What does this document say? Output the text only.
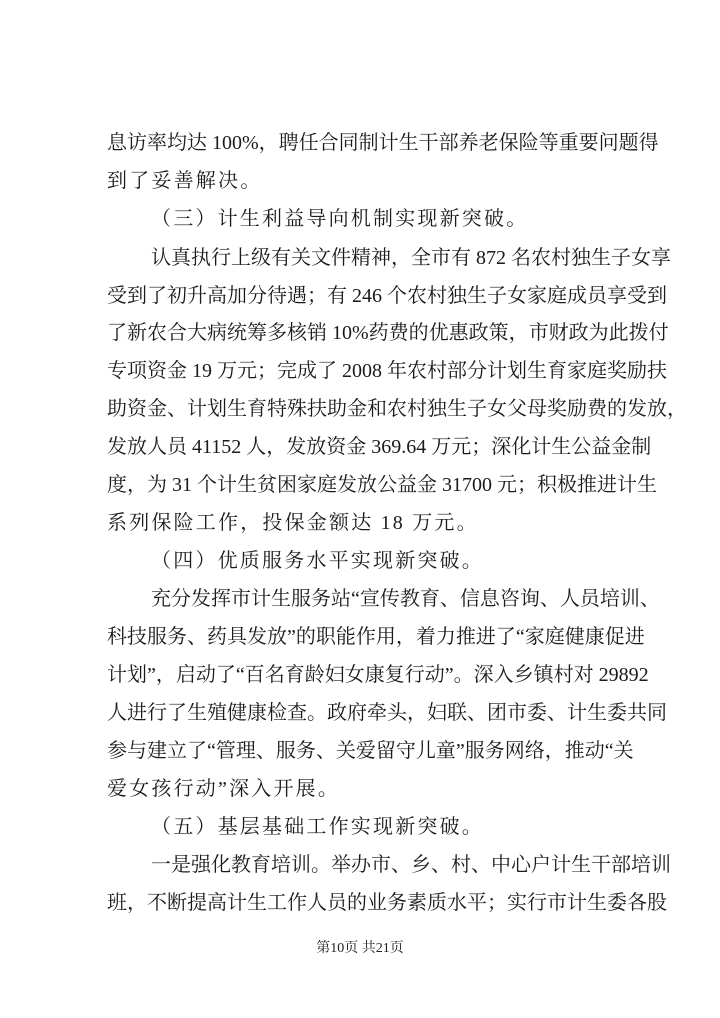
息访率均达 100%，聘任合同制计生干部养老保险等重要问题得
到了妥善解决。
（三）计生利益导向机制实现新突破。
认真执行上级有关文件精神，全市有 872 名农村独生子女享
受到了初升高加分待遇；有 246 个农村独生子女家庭成员享受到
了新农合大病统筹多核销 10%药费的优惠政策，市财政为此拨付
专项资金 19 万元；完成了 2008 年农村部分计划生育家庭奖励扶
助资金、计划生育特殊扶助金和农村独生子女父母奖励费的发放，
发放人员 41152 人，发放资金 369.64 万元；深化计生公益金制
度，为 31 个计生贫困家庭发放公益金 31700 元；积极推进计生
系列保险工作，投保金额达 18 万元。
（四）优质服务水平实现新突破。
充分发挥市计生服务站“宣传教育、信息咨询、人员培训、
科技服务、药具发放”的职能作用，着力推进了“家庭健康促进
计划”，启动了“百名育龄妇女康复行动”。深入乡镇村对 29892
人进行了生殖健康检查。政府牵头，妇联、团市委、计生委共同
参与建立了“管理、服务、关爱留守儿童”服务网络，推动“关
爱女孩行动”深入开展。
（五）基层基础工作实现新突破。
一是强化教育培训。举办市、乡、村、中心户计生干部培训
班，不断提高计生工作人员的业务素质水平；实行市计生委各股
第10页 共21页
